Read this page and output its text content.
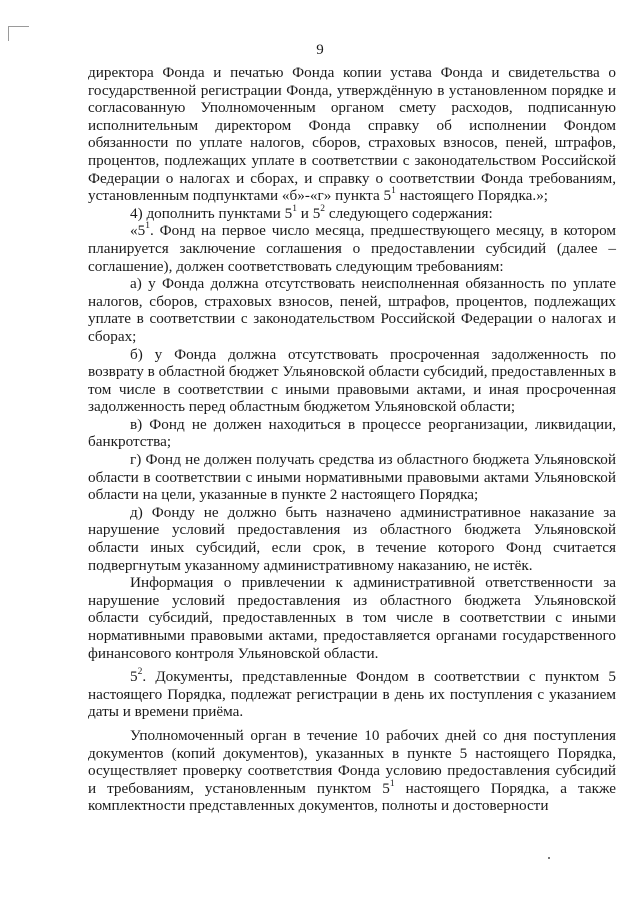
9

директора Фонда и печатью Фонда копии устава Фонда и свидетельства о государственной регистрации Фонда, утверждённую в установленном порядке и согласованную Уполномоченным органом смету расходов, подписанную исполнительным директором Фонда справку об исполнении Фондом обязанности по уплате налогов, сборов, страховых взносов, пеней, штрафов, процентов, подлежащих уплате в соответствии с законодательством Российской Федерации о налогах и сборах, и справку о соответствии Фонда требованиям, установленным подпунктами «б»-«г» пункта $5^1$ настоящего Порядка.»;

4) дополнить пунктами $5^1$ и $5^2$ следующего содержания:

«$5^1$. Фонд на первое число месяца, предшествующего месяцу, в котором планируется заключение соглашения о предоставлении субсидий (далее – соглашение), должен соответствовать следующим требованиям:

а) у Фонда должна отсутствовать неисполненная обязанность по уплате налогов, сборов, страховых взносов, пеней, штрафов, процентов, подлежащих уплате в соответствии с законодательством Российской Федерации о налогах и сборах;

б) у Фонда должна отсутствовать просроченная задолженность по возврату в областной бюджет Ульяновской области субсидий, предоставленных в том числе в соответствии с иными правовыми актами, и иная просроченная задолженность перед областным бюджетом Ульяновской области;

в) Фонд не должен находиться в процессе реорганизации, ликвидации, банкротства;

г) Фонд не должен получать средства из областного бюджета Ульяновской области в соответствии с иными нормативными правовыми актами Ульяновской области на цели, указанные в пункте 2 настоящего Порядка;

д) Фонду не должно быть назначено административное наказание за нарушение условий предоставления из областного бюджета Ульяновской области иных субсидий, если срок, в течение которого Фонд считается подвергнутым указанному административному наказанию, не истёк.

Информация о привлечении к административной ответственности за нарушение условий предоставления из областного бюджета Ульяновской области субсидий, предоставленных в том числе в соответствии с иными нормативными правовыми актами, предоставляется органами государственного финансового контроля Ульяновской области.

$5^2$. Документы, представленные Фондом в соответствии с пунктом 5 настоящего Порядка, подлежат регистрации в день их поступления с указанием даты и времени приёма.

Уполномоченный орган в течение 10 рабочих дней со дня поступления документов (копий документов), указанных в пункте 5 настоящего Порядка, осуществляет проверку соответствия Фонда условию предоставления субсидий и требованиям, установленным пунктом $5^1$ настоящего Порядка, а также комплектности представленных документов, полноты и достоверности
